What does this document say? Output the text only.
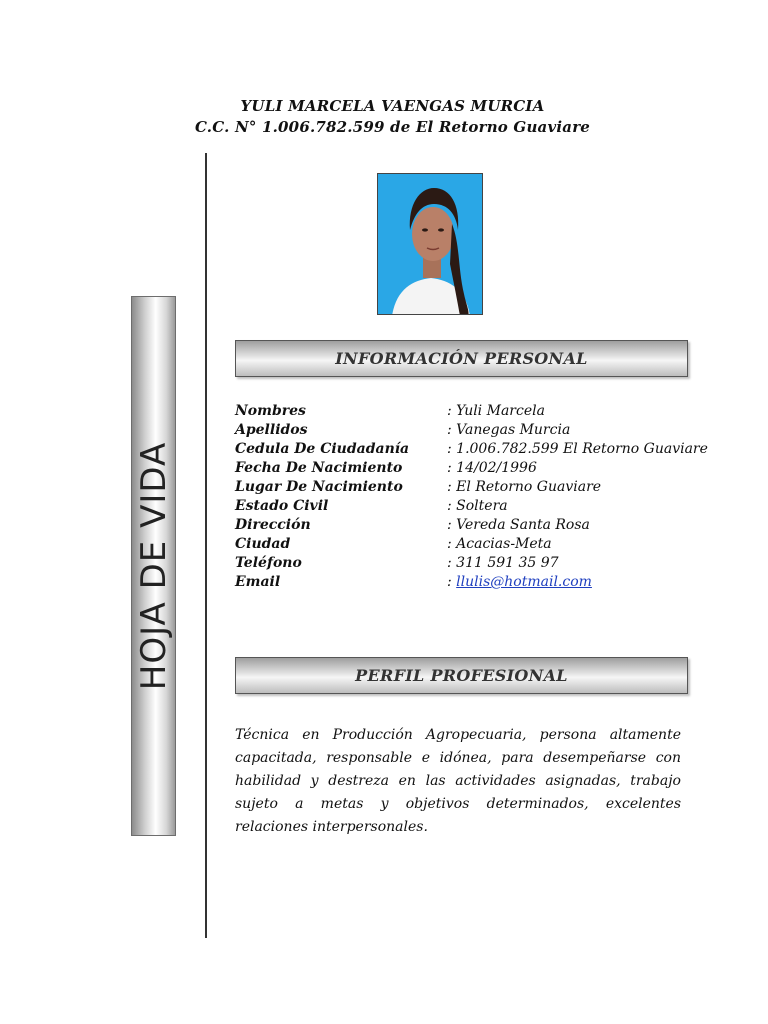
YULI MARCELA VAENGAS MURCIA
C.C. N° 1.006.782.599 de El Retorno Guaviare
HOJA DE VIDA
INFORMACIÓN PERSONAL
Nombres	: Yuli Marcela
Apellidos	: Vanegas Murcia
Cedula De Ciudadanía	: 1.006.782.599 El Retorno Guaviare
Fecha De Nacimiento	: 14/02/1996
Lugar De Nacimiento	: El Retorno Guaviare
Estado Civil	: Soltera
Dirección	: Vereda Santa Rosa
Ciudad	: Acacias-Meta
Teléfono	: 311 591 35 97
Email	: llulis@hotmail.com
PERFIL PROFESIONAL
Técnica en Producción Agropecuaria, persona altamente capacitada, responsable e idónea, para desempeñarse con habilidad y destreza en las actividades asignadas, trabajo sujeto a metas y objetivos determinados, excelentes relaciones interpersonales.
